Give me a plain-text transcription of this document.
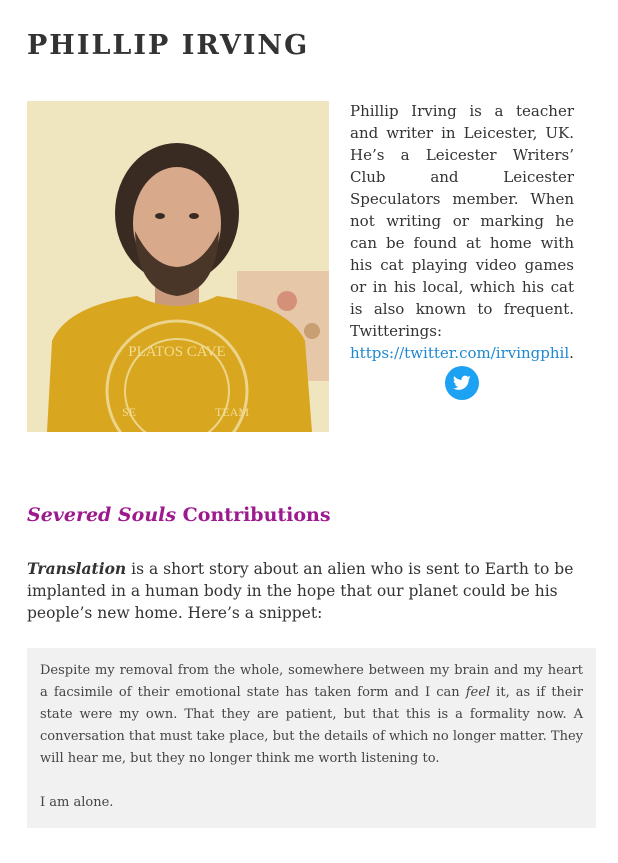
PHILLIP IRVING
PLATOS CAVE
SE	TEAM

Phillip Irving is a teacher and writer in Leicester, UK. He’s a Leicester Writers’ Club and Leicester Speculators member. When not writing or marking he can be found at home with his cat playing video games or in his local, which his cat is also known to frequent. Twitterings: https://twitter.com/irvingphil.

Severed Souls Contributions

Translation is a short story about an alien who is sent to Earth to be implanted in a human body in the hope that our planet could be his people’s new home. Here’s a snippet:

Despite my removal from the whole, somewhere between my brain and my heart a facsimile of their emotional state has taken form and I can feel it, as if their state were my own. That they are patient, but that this is a formality now. A conversation that must take place, but the details of which no longer matter. They will hear me, but they no longer think me worth listening to.

I am alone.
